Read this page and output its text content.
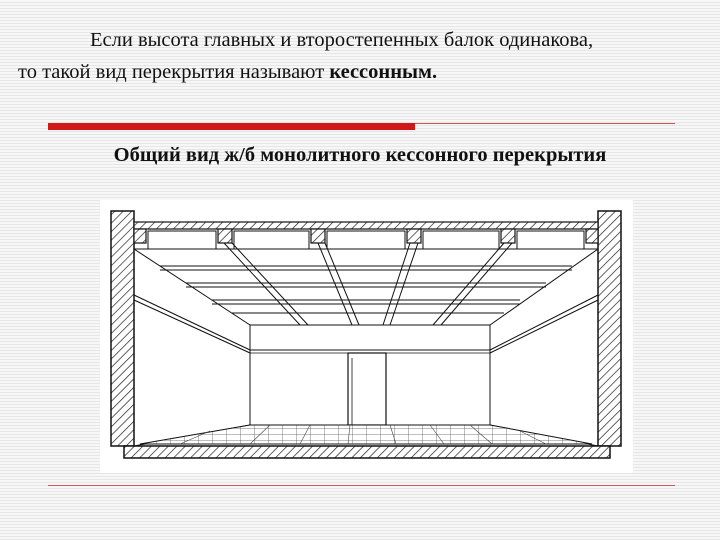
Если высота главных и второстепенных балок одинакова,
то такой вид перекрытия называют кессонным.
Общий вид ж/б монолитного кессонного перекрытия
